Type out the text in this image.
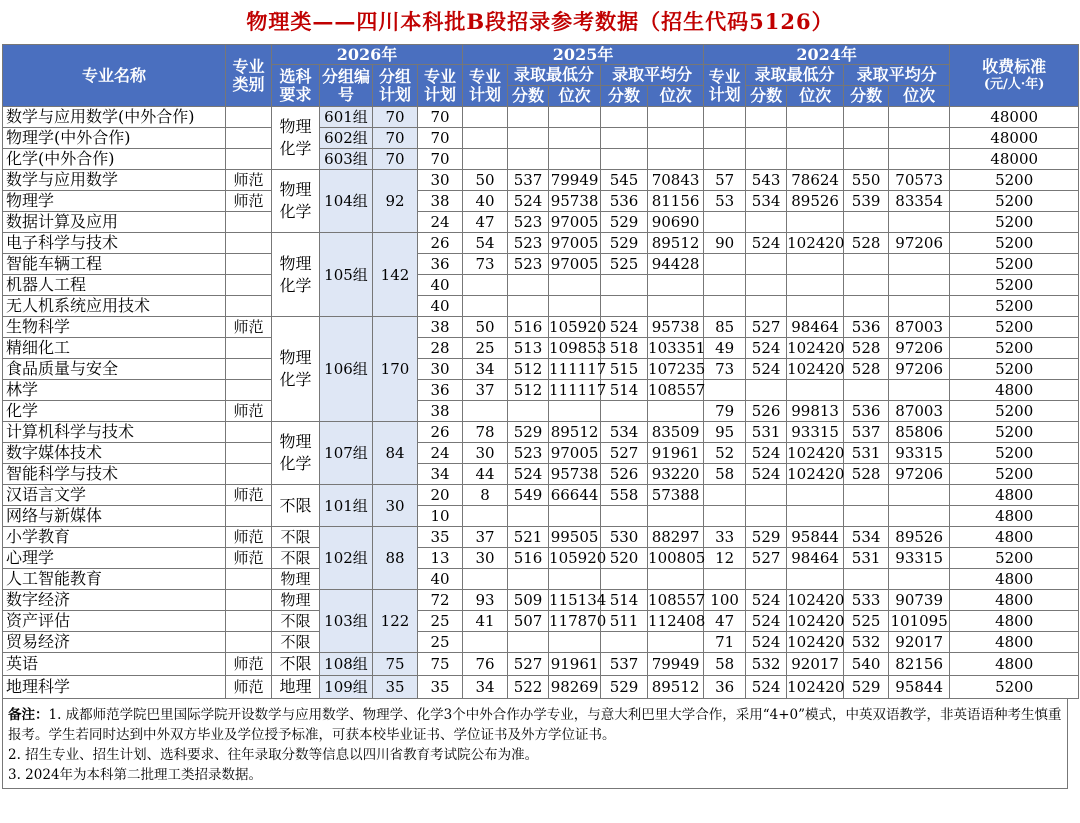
物理类——四川本科批B段招录参考数据（招生代码5126）
专业名称	专业类别	2026年				2025年					2024年					收费标准
(元/人·年)

		选科要求	分组编号	分组计划	专业计划	专业计划	录取最低分		录取平均分		专业计划	录取最低分		录取平均分		
							分数	位次	分数	位次		分数	位次	分数	位次	
数学与应用数学(中外合作)		物理化学	601组	70	70											48000
物理学(中外合作)			602组	70	70											48000
化学(中外合作)			603组	70	70											48000
数学与应用数学	师范	物理化学	104组	92	30	50	537	79949	545	70843	57	543	78624	550	70573	5200
物理学	师范				38	40	524	95738	536	81156	53	534	89526	539	83354	5200
数据计算及应用					24	47	523	97005	529	90690						5200
电子科学与技术		物理化学	105组	142	26	54	523	97005	529	89512	90	524	102420	528	97206	5200
智能车辆工程					36	73	523	97005	525	94428						5200
机器人工程					40											5200
无人机系统应用技术					40											5200
生物科学	师范	物理化学	106组	170	38	50	516	105920	524	95738	85	527	98464	536	87003	5200
精细化工					28	25	513	109853	518	103351	49	524	102420	528	97206	5200
食品质量与安全					30	34	512	111117	515	107235	73	524	102420	528	97206	5200
林学					36	37	512	111117	514	108557						4800
化学	师范				38						79	526	99813	536	87003	5200
计算机科学与技术		物理化学	107组	84	26	78	529	89512	534	83509	95	531	93315	537	85806	5200
数字媒体技术					24	30	523	97005	527	91961	52	524	102420	531	93315	5200
智能科学与技术					34	44	524	95738	526	93220	58	524	102420	528	97206	5200
汉语言文学	师范	不限	101组	30	20	8	549	66644	558	57388						4800
网络与新媒体					10											4800
小学教育	师范	不限	102组	88	35	37	521	99505	530	88297	33	529	95844	534	89526	4800
心理学	师范	不限			13	30	516	105920	520	100805	12	527	98464	531	93315	5200
人工智能教育		物理			40											4800
数字经济		物理	103组	122	72	93	509	115134	514	108557	100	524	102420	533	90739	4800
资产评估		不限			25	41	507	117870	511	112408	47	524	102420	525	101095	4800
贸易经济		不限			25						71	524	102420	532	92017	4800
英语	师范	不限	108组	75	75	76	527	91961	537	79949	58	532	92017	540	82156	4800
地理科学	师范	地理	109组	35	35	34	522	98269	529	89512	36	524	102420	529	95844	5200
备注：1. 成都师范学院巴里国际学院开设数学与应用数学、物理学、化学3个中外合作办学专业，与意大利巴里大学合作，采用“4+0”模式，中英双语教学，非英语语种考生慎重报考。学生若同时达到中外双方毕业及学位授予标准，可获本校毕业证书、学位证书及外方学位证书。
2. 招生专业、招生计划、选科要求、往年录取分数等信息以四川省教育考试院公布为准。
3. 2024年为本科第二批理工类招录数据。
